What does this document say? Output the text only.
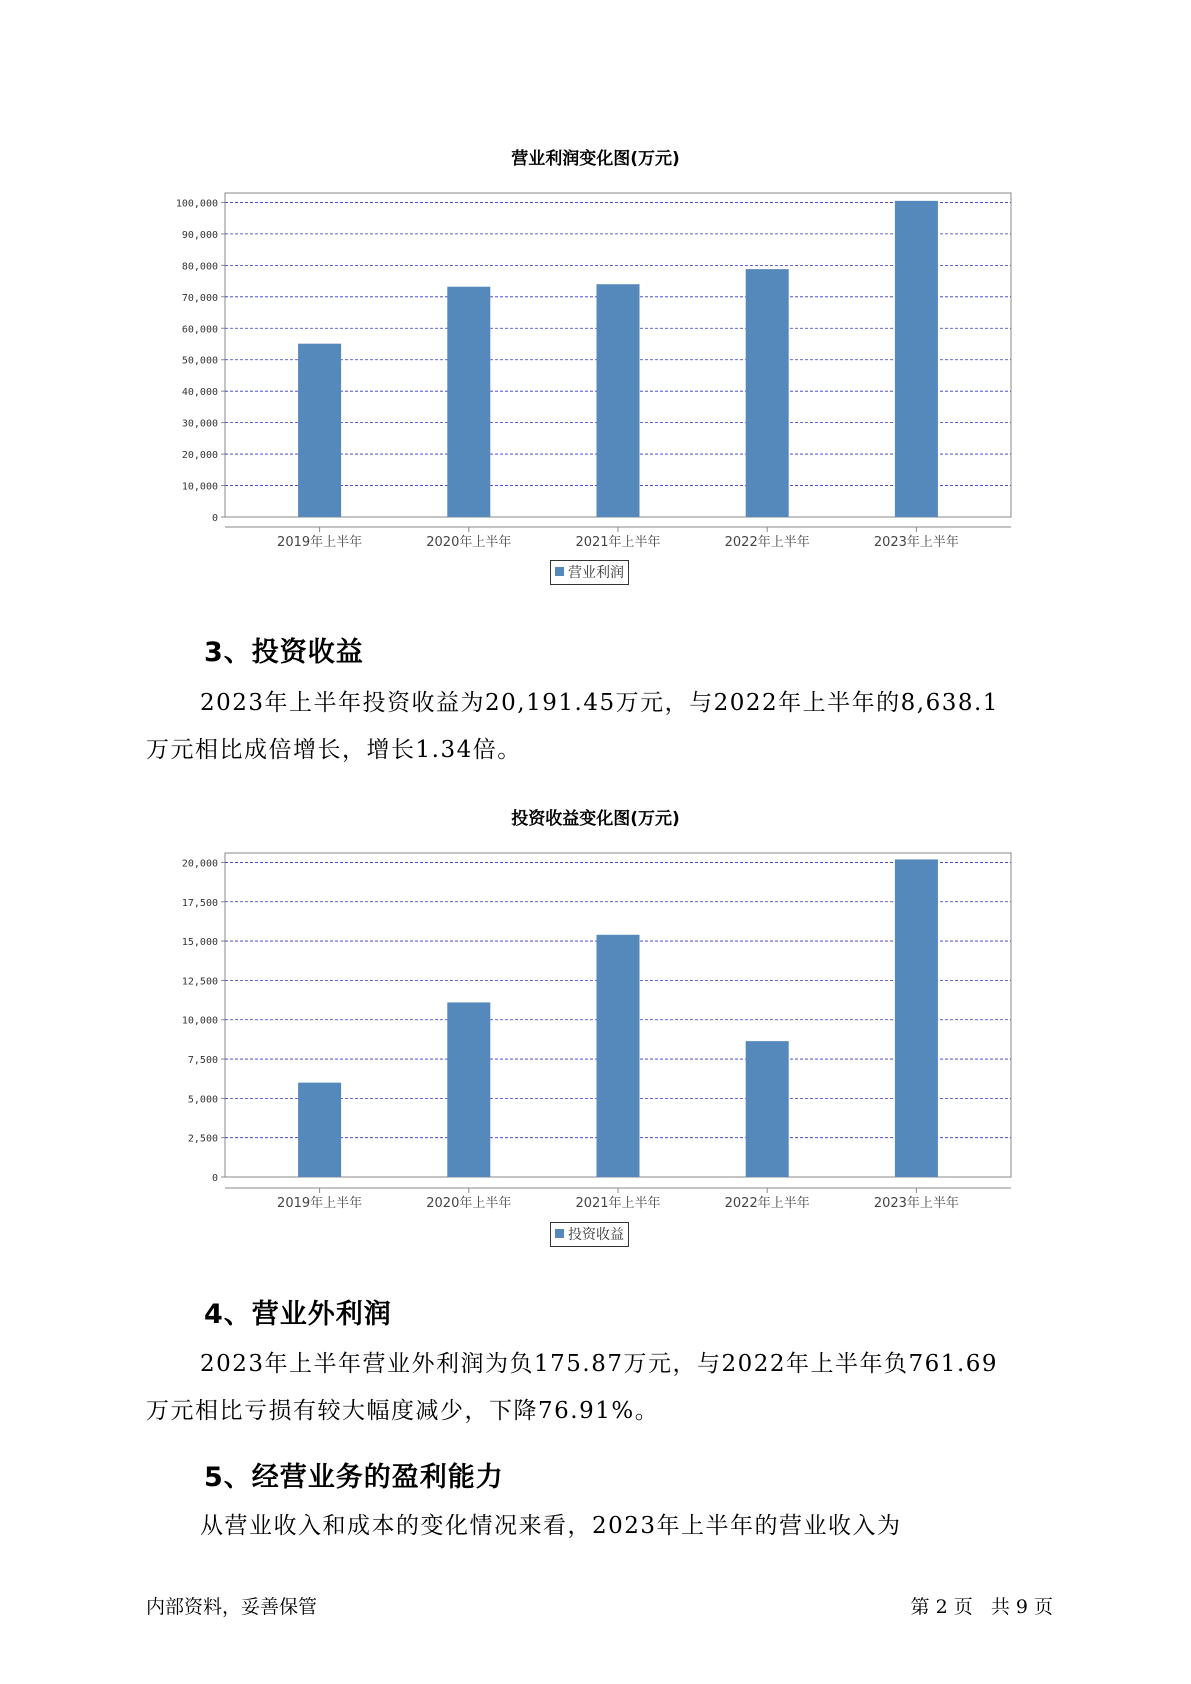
营业利润变化图(万元)
0
10,000
20,000
30,000
40,000
50,000
60,000
70,000
80,000
90,000
100,000
2019年上半年	2020年上半年	2021年上半年	2022年上半年	2023年上半年
营业利润
3、投资收益
2023年上半年投资收益为20,191.45万元，与2022年上半年的8,638.1
万元相比成倍增长，增长1.34倍。
投资收益变化图(万元)
0
2,500
5,000
7,500
10,000
12,500
15,000
17,500
20,000
2019年上半年	2020年上半年	2021年上半年	2022年上半年	2023年上半年
投资收益
4、营业外利润
2023年上半年营业外利润为负175.87万元，与2022年上半年负761.69
万元相比亏损有较大幅度减少，下降76.91%。
5、经营业务的盈利能力
从营业收入和成本的变化情况来看，2023年上半年的营业收入为
内部资料，妥善保管	第 2 页   共 9 页
